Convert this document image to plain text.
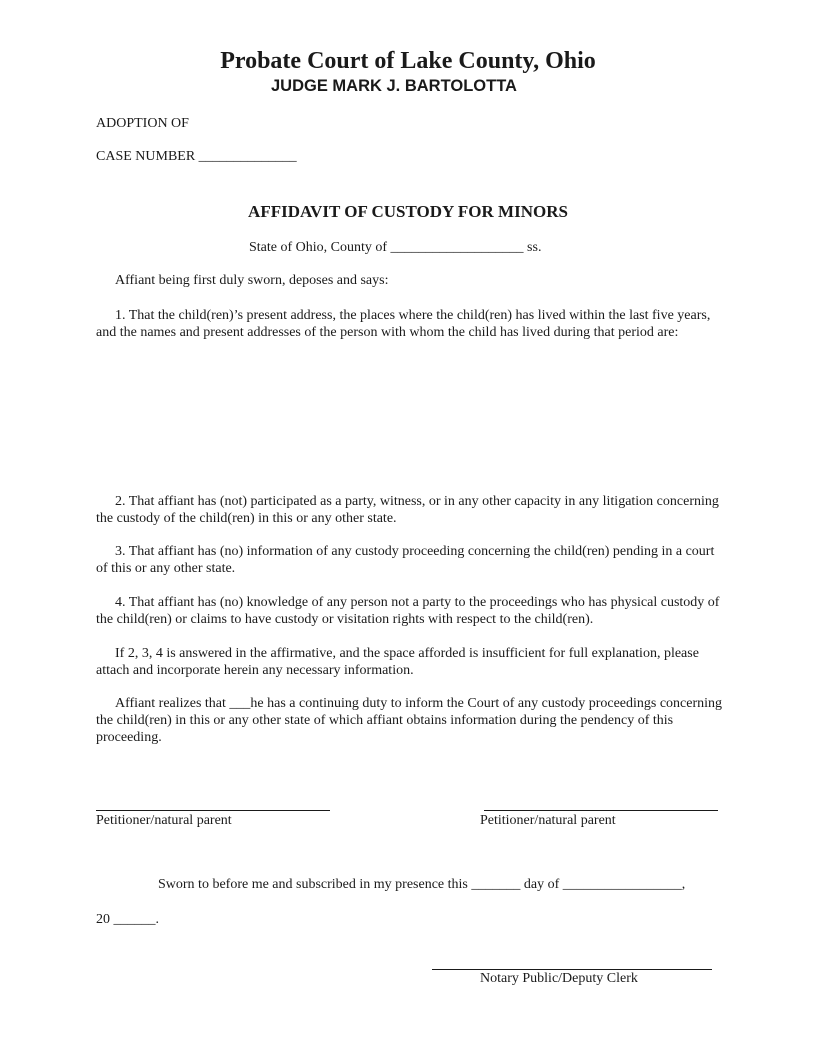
Probate Court of Lake County, Ohio
JUDGE MARK J. BARTOLOTTA
ADOPTION OF
CASE NUMBER ______________
AFFIDAVIT OF CUSTODY FOR MINORS
State of Ohio, County of ___________________ ss.
Affiant being first duly sworn, deposes and says:
1. That the child(ren)’s present address, the places where the child(ren) has lived within the last five years, and the names and present addresses of the person with whom the child has lived during that period are:
2. That affiant has (not) participated as a party, witness, or in any other capacity in any litigation concerning the custody of the child(ren) in this or any other state.
3. That affiant has (no) information of any custody proceeding concerning the child(ren) pending in a court of this or any other state.
4. That affiant has (no) knowledge of any person not a party to the proceedings who has physical custody of the child(ren) or claims to have custody or visitation rights with respect to the child(ren).
If 2, 3, 4 is answered in the affirmative, and the space afforded is insufficient for full explanation, please attach and incorporate herein any necessary information.
Affiant realizes that ___he has a continuing duty to inform the Court of any custody proceedings concerning the child(ren) in this or any other state of which affiant obtains information during the pendency of this proceeding.
Petitioner/natural parent	Petitioner/natural parent
Sworn to before me and subscribed in my presence this _______ day of _________________,
20 ______.
Notary Public/Deputy Clerk
